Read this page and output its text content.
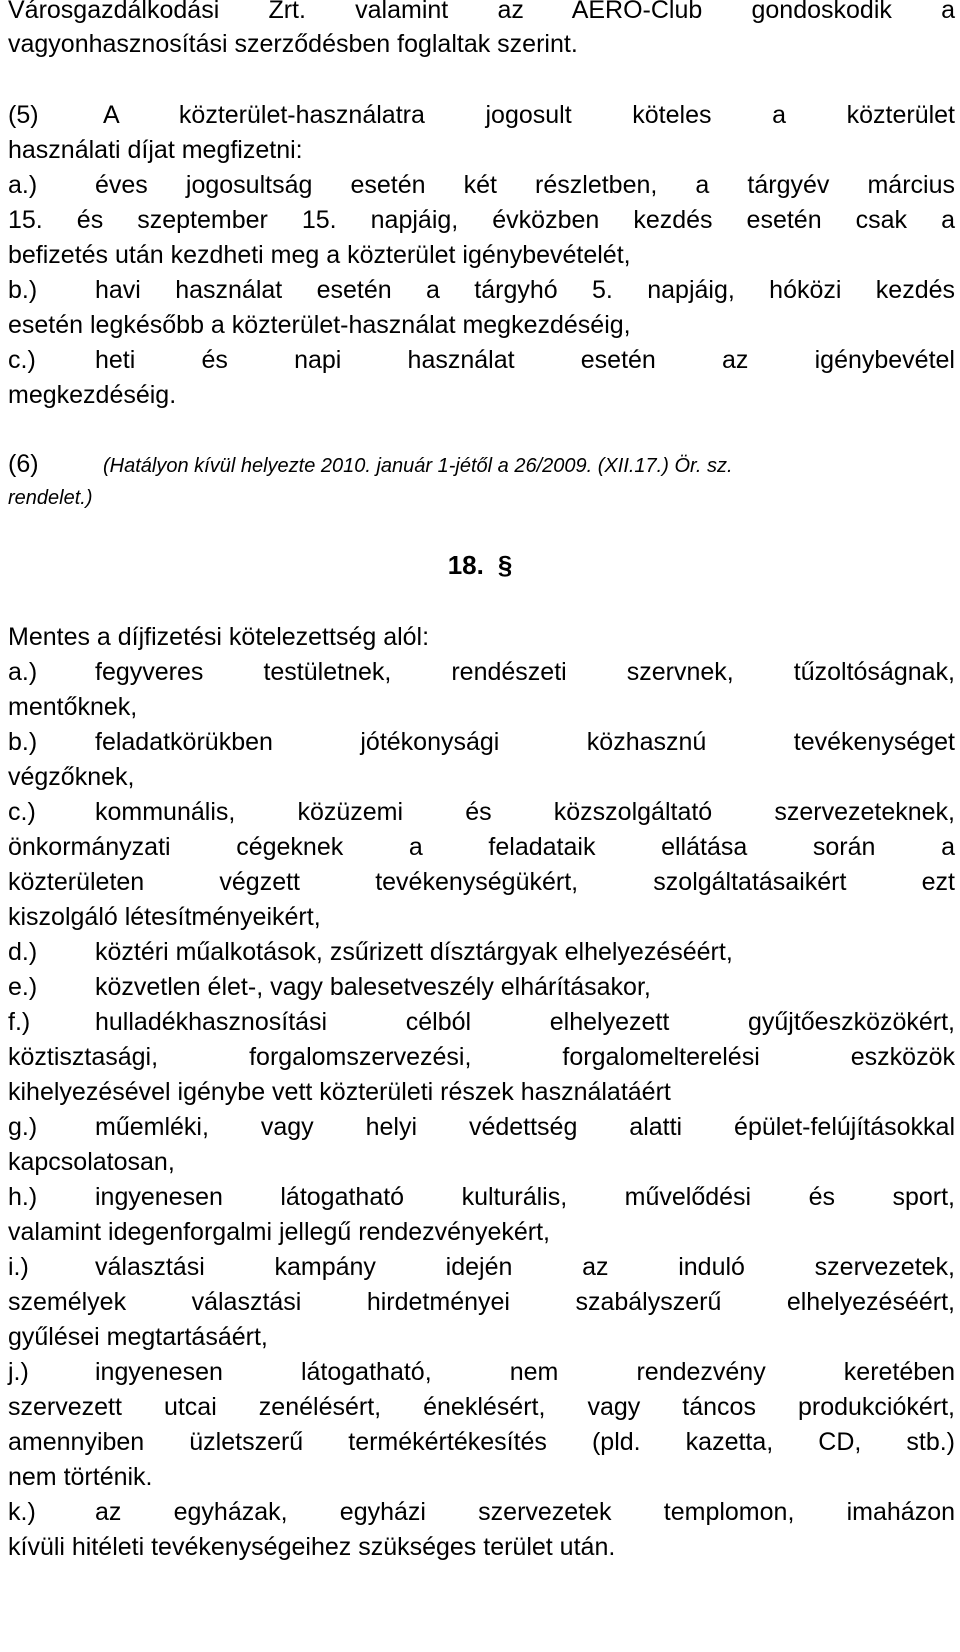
Városgazdálkodási Zrt. valamint az AERO-Club gondoskodik a
vagyonhasznosítási szerződésben foglaltak szerint.
(5)	A közterület-használatra jogosult köteles a közterület
használati díjat megfizetni:
a.) éves jogosultság esetén két részletben, a tárgyév március
15. és szeptember 15. napjáig, évközben kezdés esetén csak a
befizetés után kezdheti meg a közterület igénybevételét,
b.) havi használat esetén a tárgyhó 5. napjáig, hóközi kezdés
esetén legkésőbb a közterület-használat megkezdéséig,
c.) heti és napi használat esetén az igénybevétel
megkezdéséig.
(6)	(Hatályon kívül helyezte 2010. január 1-jétől a 26/2009. (XII.17.) Ör. sz.
rendelet.)
18. §
Mentes a díjfizetési kötelezettség alól:
a.) fegyveres testületnek, rendészeti szervnek, tűzoltóságnak,
mentőknek,
b.) feladatkörükben jótékonysági közhasznú tevékenységet
végzőknek,
c.) kommunális, közüzemi és közszolgáltató szervezeteknek,
önkormányzati cégeknek a feladataik ellátása során a
közterületen végzett tevékenységükért, szolgáltatásaikért ezt
kiszolgáló létesítményeikért,
d.) köztéri műalkotások, zsűrizett dísztárgyak elhelyezéséért,
e.) közvetlen élet-, vagy balesetveszély elhárításakor,
f.)	hulladékhasznosítási célból elhelyezett gyűjtőeszközökért,
köztisztasági, forgalomszervezési, forgalomelterelési eszközök
kihelyezésével igénybe vett közterületi részek használatáért
g.) műemléki, vagy helyi védettség alatti épület-felújításokkal
kapcsolatosan,
h.) ingyenesen látogatható kulturális, művelődési és sport,
valamint idegenforgalmi jellegű rendezvényekért,
i.)	választási kampány idején az induló szervezetek,
személyek választási hirdetményei szabályszerű elhelyezéséért,
gyűlései megtartásáért,
j.)	ingyenesen látogatható, nem rendezvény keretében
szervezett utcai zenélésért, éneklésért, vagy táncos produkciókért,
amennyiben üzletszerű termékértékesítés (pld. kazetta, CD, stb.)
nem történik.
k.) az egyházak, egyházi szervezetek templomon, imaházon
kívüli hitéleti tevékenységeihez szükséges terület után.
